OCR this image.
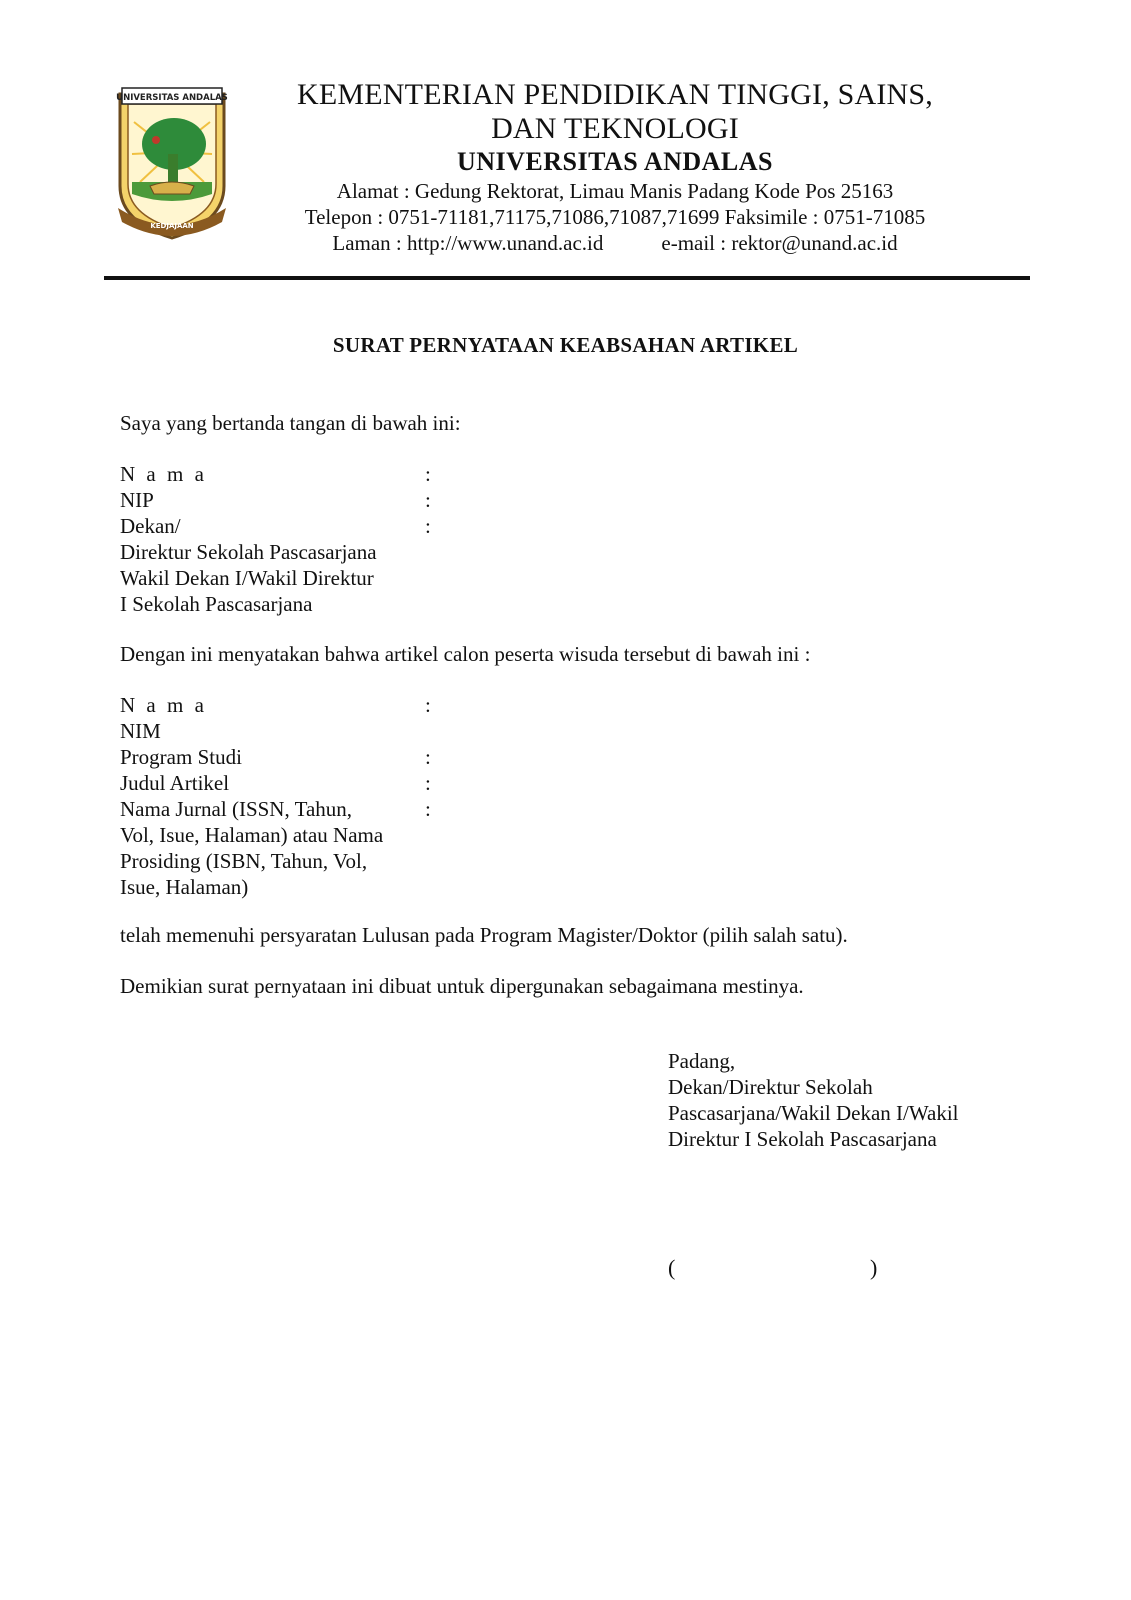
UNIVERSITAS ANDALAS
KEDJAJAAN
KEMENTERIAN PENDIDIKAN TINGGI, SAINS,
DAN TEKNOLOGI
UNIVERSITAS ANDALAS
Alamat : Gedung Rektorat, Limau Manis Padang Kode Pos 25163
Telepon : 0751-71181,71175,71086,71087,71699 Faksimile : 0751-71085
Laman : http://www.unand.ac.id	e-mail : rektor@unand.ac.id
SURAT PERNYATAAN KEABSAHAN ARTIKEL
Saya yang bertanda tangan di bawah ini:
N a m a	:
NIP	:
Dekan/	:
Direktur Sekolah Pascasarjana
Wakil Dekan I/Wakil Direktur
I Sekolah Pascasarjana
Dengan ini menyatakan bahwa artikel calon peserta wisuda tersebut di bawah ini :
N a m a	:
NIM
Program Studi	:
Judul Artikel	:
Nama Jurnal (ISSN, Tahun,	:
Vol, Isue, Halaman) atau Nama
Prosiding (ISBN, Tahun, Vol,
Isue, Halaman)
telah memenuhi persyaratan Lulusan pada Program Magister/Doktor (pilih salah satu).
Demikian surat pernyataan ini dibuat untuk dipergunakan sebagaimana mestinya.
Padang,
Dekan/Direktur Sekolah
Pascasarjana/Wakil Dekan I/Wakil
Direktur I Sekolah Pascasarjana
(	)
